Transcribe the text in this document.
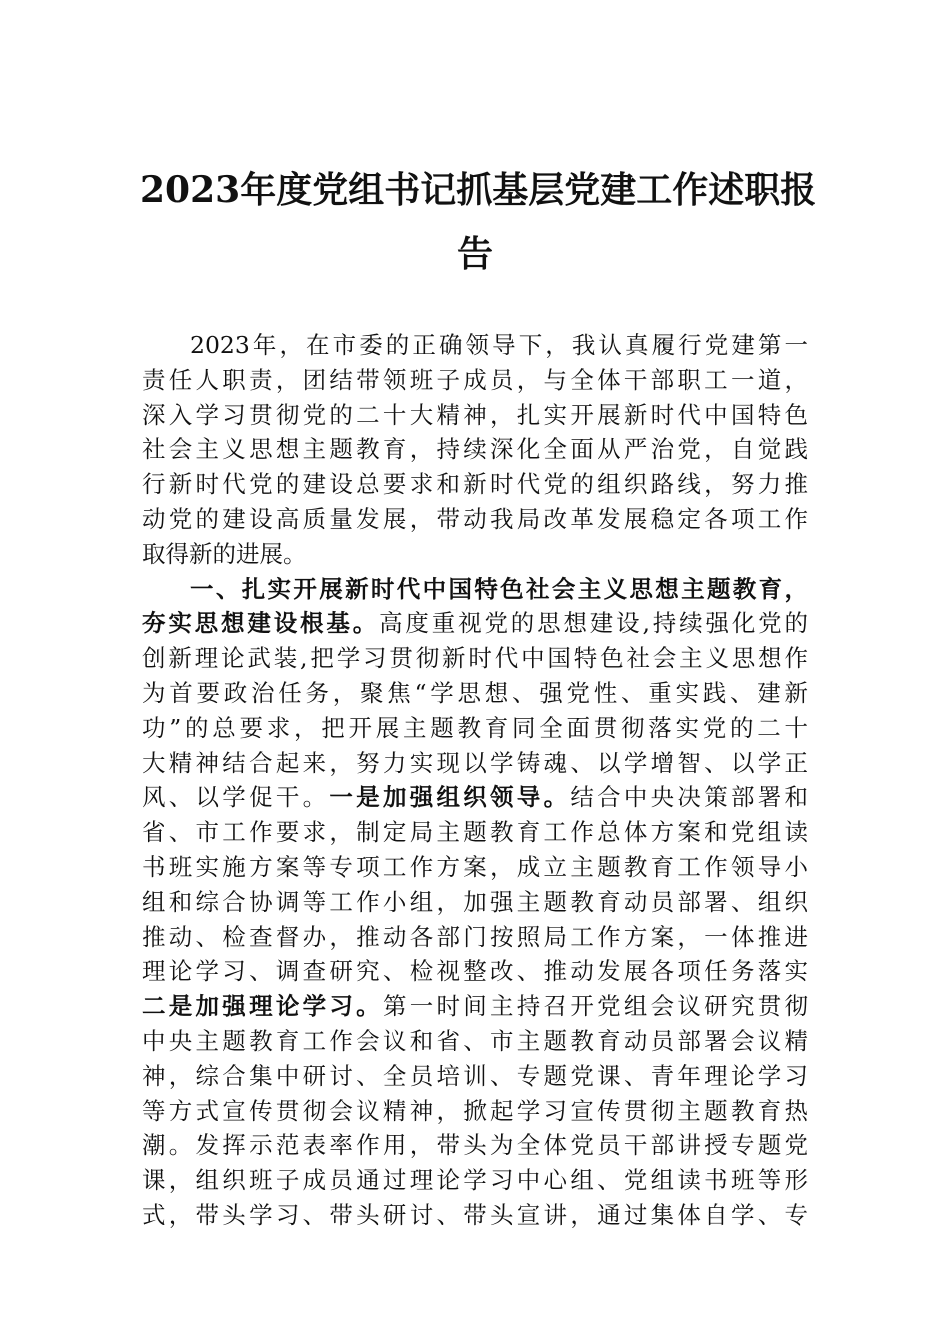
2023年度党组书记抓基层党建工作述职报
告
2023年，在市委的正确领导下，我认真履行党建第一
责任人职责，团结带领班子成员，与全体干部职工一道，
深入学习贯彻党的二十大精神，扎实开展新时代中国特色
社会主义思想主题教育，持续深化全面从严治党，自觉践
行新时代党的建设总要求和新时代党的组织路线，努力推
动党的建设高质量发展，带动我局改革发展稳定各项工作
取得新的进展。
一、扎实开展新时代中国特色社会主义思想主题教育，
夯实思想建设根基。高度重视党的思想建设,持续强化党的
创新理论武装,把学习贯彻新时代中国特色社会主义思想作
为首要政治任务，聚焦“学思想、强党性、重实践、建新
功”的总要求，把开展主题教育同全面贯彻落实党的二十
大精神结合起来，努力实现以学铸魂、以学增智、以学正
风、以学促干。一是加强组织领导。结合中央决策部署和
省、市工作要求，制定局主题教育工作总体方案和党组读
书班实施方案等专项工作方案，成立主题教育工作领导小
组和综合协调等工作小组，加强主题教育动员部署、组织
推动、检查督办，推动各部门按照局工作方案，一体推进
理论学习、调查研究、检视整改、推动发展各项任务落实
二是加强理论学习。第一时间主持召开党组会议研究贯彻
中央主题教育工作会议和省、市主题教育动员部署会议精
神，综合集中研讨、全员培训、专题党课、青年理论学习
等方式宣传贯彻会议精神，掀起学习宣传贯彻主题教育热
潮。发挥示范表率作用，带头为全体党员干部讲授专题党
课，组织班子成员通过理论学习中心组、党组读书班等形
式，带头学习、带头研讨、带头宣讲，通过集体自学、专
